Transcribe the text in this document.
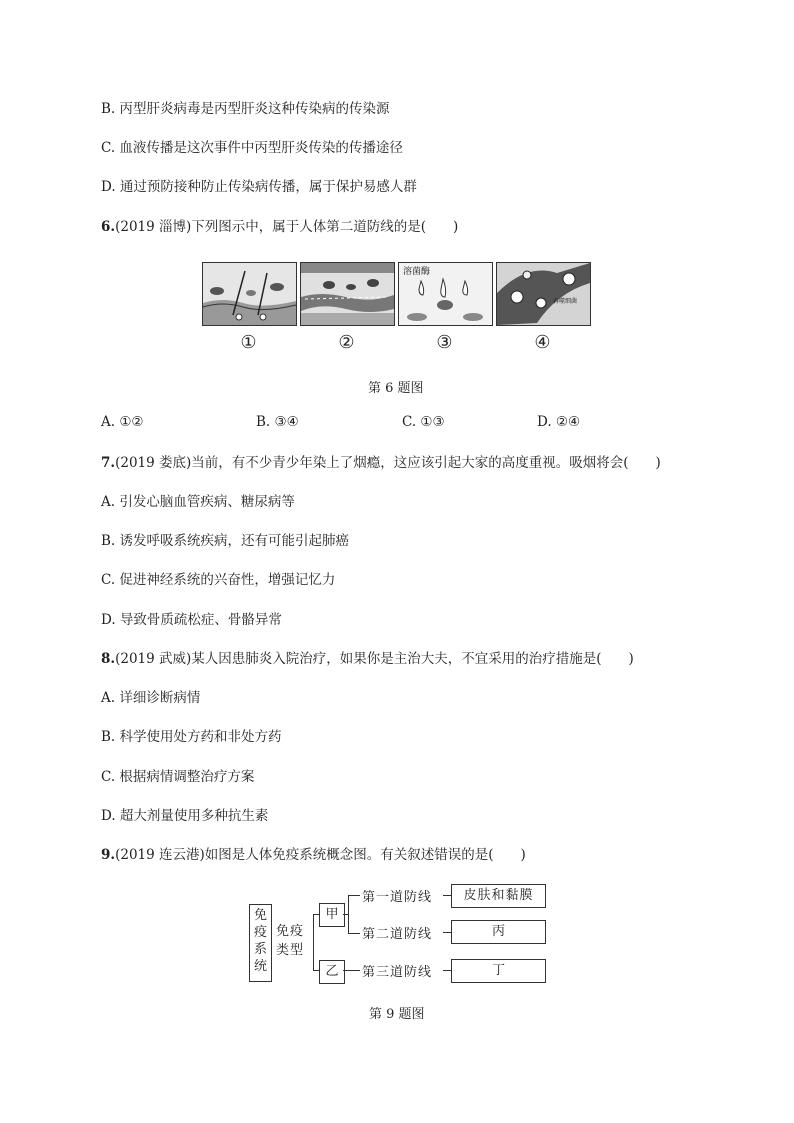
B. 丙型肝炎病毒是丙型肝炎这种传染病的传染源
C. 血液传播是这次事件中丙型肝炎传染的传播途径
D. 通过预防接种防止传染病传播，属于保护易感人群
6.(2019 淄博)下列图示中，属于人体第二道防线的是(　　)
溶菌酶
吞噬细菌
①	②	③	④
第 6 题图
A. ①②	B. ③④	C. ①③	D. ②④
7.(2019 娄底)当前，有不少青少年染上了烟瘾，这应该引起大家的高度重视。吸烟将会(　　)
A. 引发心脑血管疾病、糖尿病等
B. 诱发呼吸系统疾病，还有可能引起肺癌
C. 促进神经系统的兴奋性，增强记忆力
D. 导致骨质疏松症、骨骼异常
8.(2019 武威)某人因患肺炎入院治疗，如果你是主治大夫，不宜采用的治疗措施是(　　)
A. 详细诊断病情
B. 科学使用处方药和非处方药
C. 根据病情调整治疗方案
D. 超大剂量使用多种抗生素
9.(2019 连云港)如图是人体免疫系统概念图。有关叙述错误的是(　　)
免疫系统
免疫类型
甲
乙
第一道防线
第二道防线
第三道防线
皮肤和黏膜
丙
丁
第 9 题图
